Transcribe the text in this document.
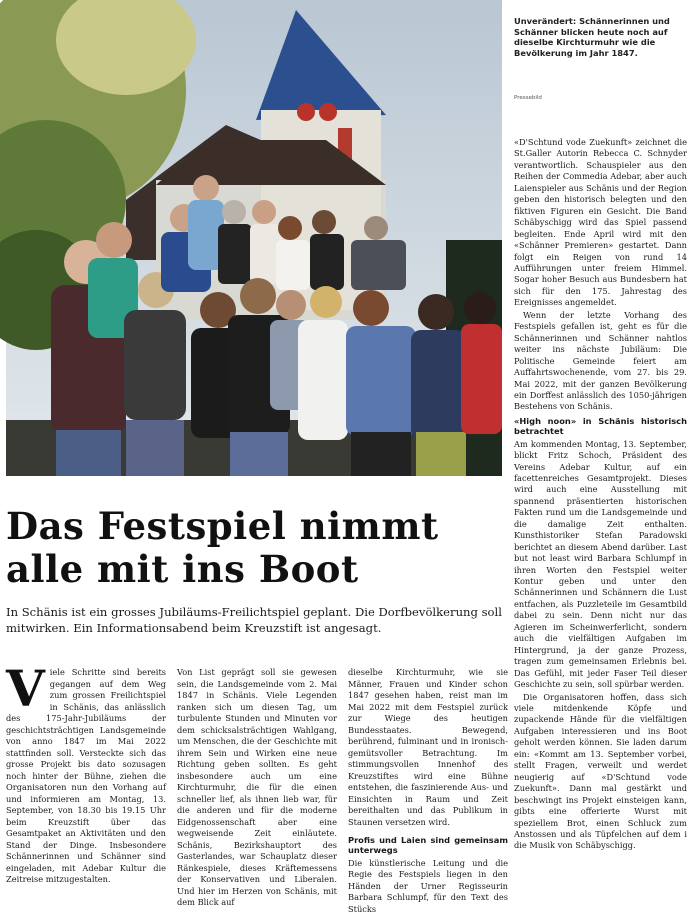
Unverändert: Schännerinnen und Schänner blicken heute noch auf dieselbe Kirchturmuhr wie die Bevölkerung im Jahr 1847.
Pressebild

«D'Schtund vode Zuekunft» zeichnet die St.Galler Autorin Rebecca C. Schnyder verantwortlich. Schauspieler aus den Reihen der Commedia Adebar, aber auch Laienspieler aus Schänis und der Region geben den historisch belegten und den fiktiven Figuren ein Gesicht. Die Band Schäbyschigg wird das Spiel passend begleiten. Ende April wird mit den «Schänner Premieren» gestartet. Dann folgt ein Reigen von rund 14 Aufführungen unter freiem Himmel. Sogar hoher Besuch aus Bundesbern hat sich für den 175. Jahrestag des Ereignisses angemeldet.

Wenn der letzte Vorhang des Festspiels gefallen ist, geht es für die Schännerinnen und Schänner nahtlos weiter ins nächste Jubiläum: Die Politische Gemeinde feiert am Auffahrtswochenende, vom 27. bis 29. Mai 2022, mit der ganzen Bevölkerung ein Dorffest anlässlich des 1050-jährigen Bestehens von Schänis.

«High noon» in Schänis historisch betrachtet

Am kommenden Montag, 13. September, blickt Fritz Schoch, Präsident des Vereins Adebar Kultur, auf ein facettenreiches Gesamtprojekt. Dieses wird auch eine Ausstellung mit spannend präsentierten historischen Fakten rund um die Landsgemeinde und die damalige Zeit enthalten. Kunsthistoriker Stefan Paradowski berichtet an diesem Abend darüber. Last but not least wird Barbara Schlumpf in ihren Worten den Festspiel weiter Kontur geben und unter den Schännerinnen und Schännern die Lust entfachen, als Puzzleteile im Gesamtbild dabei zu sein. Denn nicht nur das Agieren im Scheinwerferlicht, sondern auch die vielfältigen Aufgaben im Hintergrund, ja der ganze Prozess, tragen zum gemeinsamen Erlebnis bei. Das Gefühl, mit jeder Faser Teil dieser Geschichte zu sein, soll spürbar werden.

Die Organisatoren hoffen, dass sich viele mitdenkende Köpfe und zupackende Hände für die vielfältigen Aufgaben interessieren und ins Boot geholt werden können. Sie laden darum ein: «Kommt am 13. September vorbei, stellt Fragen, verweilt und werdet neugierig auf «D'Schtund vode Zuekunft». Dann mal gestärkt und beschwingt ins Projekt einsteigen kann, gibts eine offerierte Wurst mit speziellem Brot, einen Schluck zum Anstossen und als Tüpfelchen auf dem i die Musik von Schäbyschigg.

Das Festspiel nimmt
alle mit ins Boot
In Schänis ist ein grosses Jubiläums-Freilichtspiel geplant. Die Dorfbevölkerung soll mitwirken. Ein Informationsabend beim Kreuzstift ist angesagt.
V iele Schritte sind bereits gegangen auf dem Weg zum grossen Freilichtspiel in Schänis, das anlässlich des 175-Jahr-Jubiläums der geschichtsträchtigen Landsgemeinde von anno 1847 im Mai 2022 stattfinden soll. Versteckte sich das grosse Projekt bis dato sozusagen noch hinter der Bühne, ziehen die Organisatoren nun den Vorhang auf und informieren am Montag, 13. September, von 18.30 bis 19.15 Uhr beim Kreuzstift über das Gesamtpaket an Aktivitäten und den Stand der Dinge. Insbesondere Schännerinnen und Schänner sind eingeladen, mit Adebar Kultur die Zeitreise mitzugestalten.

Von List geprägt soll sie gewesen sein, die Landsgemeinde vom 2. Mai 1847 in Schänis. Viele Legenden ranken sich um diesen Tag, um turbulente Stunden und Minuten vor dem schicksalsträchtigen Wahlgang, um Menschen, die der Geschichte mit ihrem Sein und Wirken eine neue Richtung geben sollten. Es geht insbesondere auch um eine Kirchturmuhr, die für die einen schneller lief, als ihnen lieb war, für die anderen und für die moderne Eidgenossenschaft aber eine wegweisende Zeit einläutete. Schänis, Bezirkshauptort des Gasterlandes, war Schauplatz dieser Ränkespiele, dieses Kräftemessens der Konservativen und Liberalen. Und hier im Herzen von Schänis, mit dem Blick auf

dieselbe Kirchturmuhr, wie sie Männer, Frauen und Kinder schon 1847 gesehen haben, reist man im Mai 2022 mit dem Festspiel zurück zur Wiege des heutigen Bundesstaates. Bewegend, berührend, fulminant und in ironisch-gemütsvoller Betrachtung. Im stimmungsvollen Innenhof des Kreuzstiftes wird eine Bühne entstehen, die faszinierende Aus- und Einsichten in Raum und Zeit bereithalten und das Publikum in Staunen versetzen wird.

Profis und Laien sind gemeinsam unterwegs

Die künstlerische Leitung und die Regie des Festspiels liegen in den Händen der Urner Regisseurin Barbara Schlumpf, für den Text des Stücks
